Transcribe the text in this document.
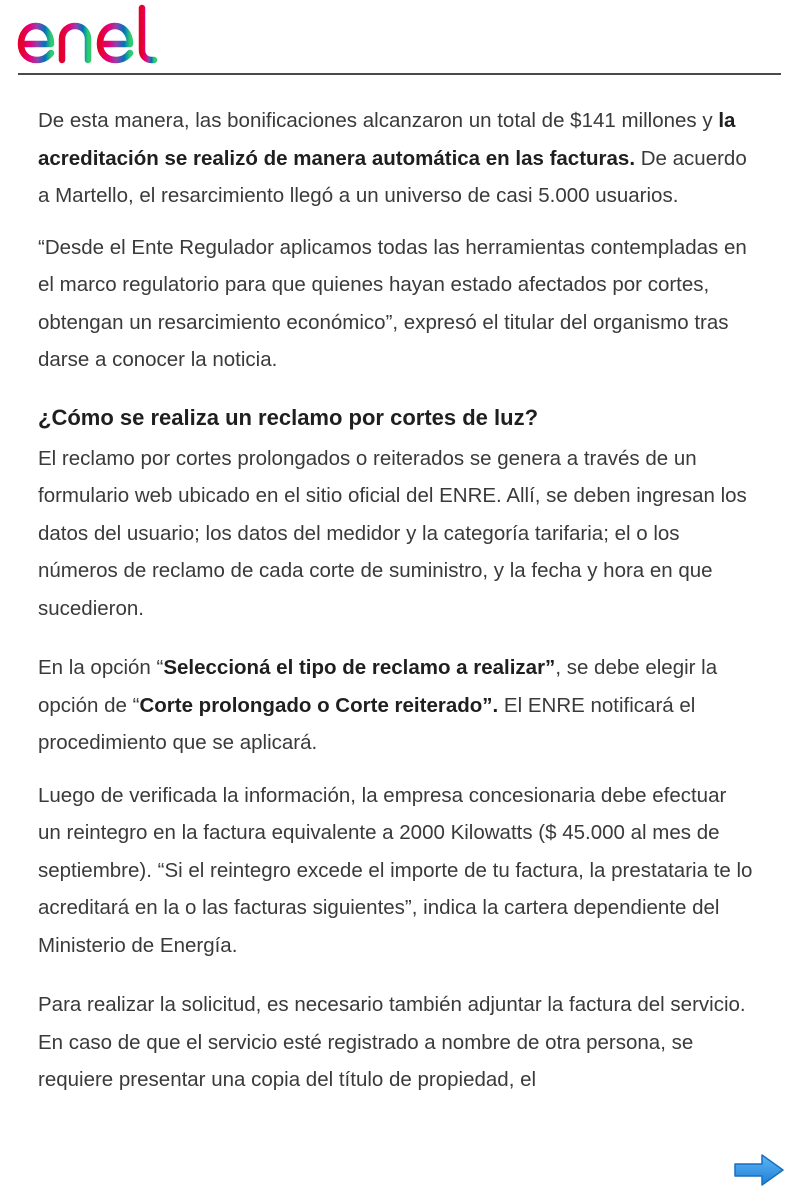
De esta manera, las bonificaciones alcanzaron un total de $141 millones y la acreditación se realizó de manera automática en las facturas. De acuerdo a Martello, el resarcimiento llegó a un universo de casi 5.000 usuarios.

“Desde el Ente Regulador aplicamos todas las herramientas contempladas en el marco regulatorio para que quienes hayan estado afectados por cortes, obtengan un resarcimiento económico”, expresó el titular del organismo tras darse a conocer la noticia.

¿Cómo se realiza un reclamo por cortes de luz?

El reclamo por cortes prolongados o reiterados se genera a través de un formulario web ubicado en el sitio oficial del ENRE. Allí, se deben ingresan los datos del usuario; los datos del medidor y la categoría tarifaria; el o los números de reclamo de cada corte de suministro, y la fecha y hora en que sucedieron.

En la opción “Seleccioná el tipo de reclamo a realizar”, se debe elegir la opción de “Corte prolongado o Corte reiterado”. El ENRE notificará el procedimiento que se aplicará.

Luego de verificada la información, la empresa concesionaria debe efectuar un reintegro en la factura equivalente a 2000 Kilowatts ($ 45.000 al mes de septiembre). “Si el reintegro excede el importe de tu factura, la prestataria te lo acreditará en la o las facturas siguientes”, indica la cartera dependiente del Ministerio de Energía.

Para realizar la solicitud, es necesario también adjuntar la factura del servicio. En caso de que el servicio esté registrado a nombre de otra persona, se requiere presentar una copia del título de propiedad, el
